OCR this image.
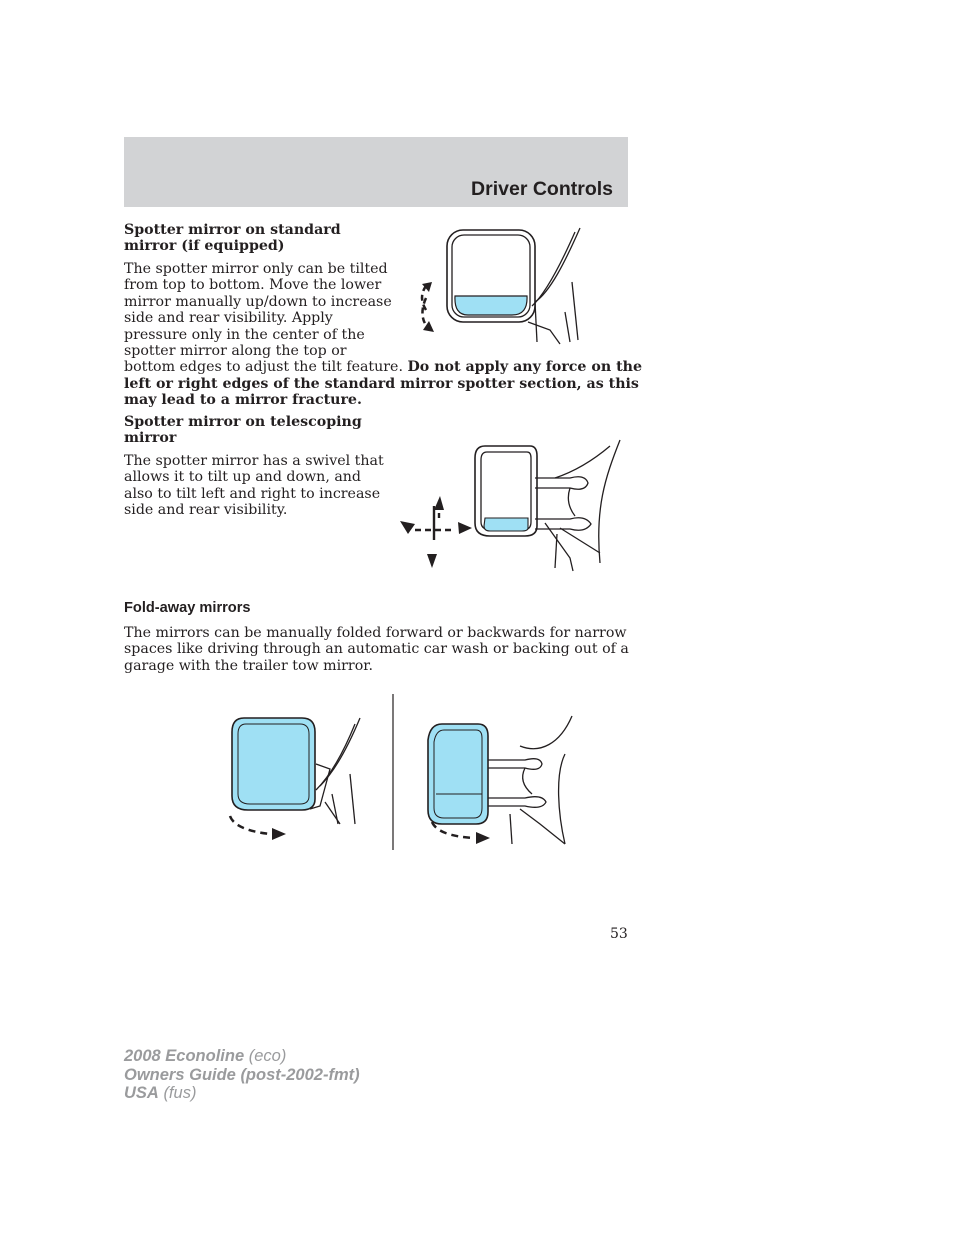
Driver Controls
Spotter mirror on standard
mirror (if equipped)
The spotter mirror only can be tilted
from top to bottom. Move the lower
mirror manually up/down to increase
side and rear visibility. Apply
pressure only in the center of the
spotter mirror along the top or
bottom edges to adjust the tilt feature. Do not apply any force on the
left or right edges of the standard mirror spotter section, as this
may lead to a mirror fracture.
Spotter mirror on telescoping
mirror
The spotter mirror has a swivel that
allows it to tilt up and down, and
also to tilt left and right to increase
side and rear visibility.
Fold-away mirrors
The mirrors can be manually folded forward or backwards for narrow
spaces like driving through an automatic car wash or backing out of a
garage with the trailer tow mirror.
53
2008 Econoline (eco)
Owners Guide (post-2002-fmt)
USA (fus)
